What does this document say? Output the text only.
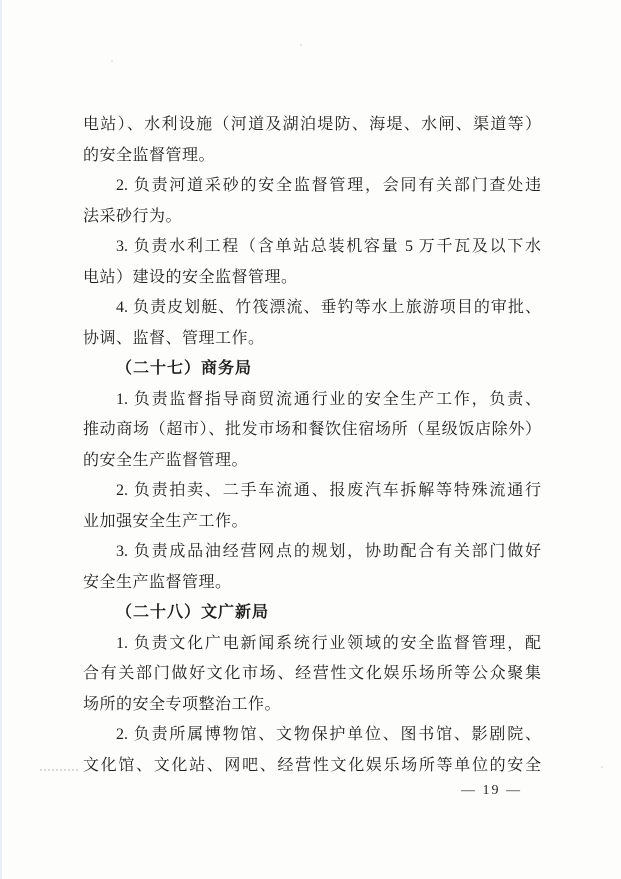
电站）、水利设施（河道及湖泊堤防、海堤、水闸、渠道等）
的安全监督管理。
2. 负责河道采砂的安全监督管理，会同有关部门查处违
法采砂行为。
3. 负责水利工程（含单站总装机容量 5 万千瓦及以下水
电站）建设的安全监督管理。
4. 负责皮划艇、竹筏漂流、垂钓等水上旅游项目的审批、
协调、监督、管理工作。
（二十七）商务局
1. 负责监督指导商贸流通行业的安全生产工作，负责、
推动商场（超市）、批发市场和餐饮住宿场所（星级饭店除外）
的安全生产监督管理。
2. 负责拍卖、二手车流通、报废汽车拆解等特殊流通行
业加强安全生产工作。
3. 负责成品油经营网点的规划，协助配合有关部门做好
安全生产监督管理。
（二十八）文广新局
1. 负责文化广电新闻系统行业领域的安全监督管理，配
合有关部门做好文化市场、经营性文化娱乐场所等公众聚集
场所的安全专项整治工作。
2. 负责所属博物馆、文物保护单位、图书馆、影剧院、
文化馆、文化站、网吧、经营性文化娱乐场所等单位的安全
— 19 —
